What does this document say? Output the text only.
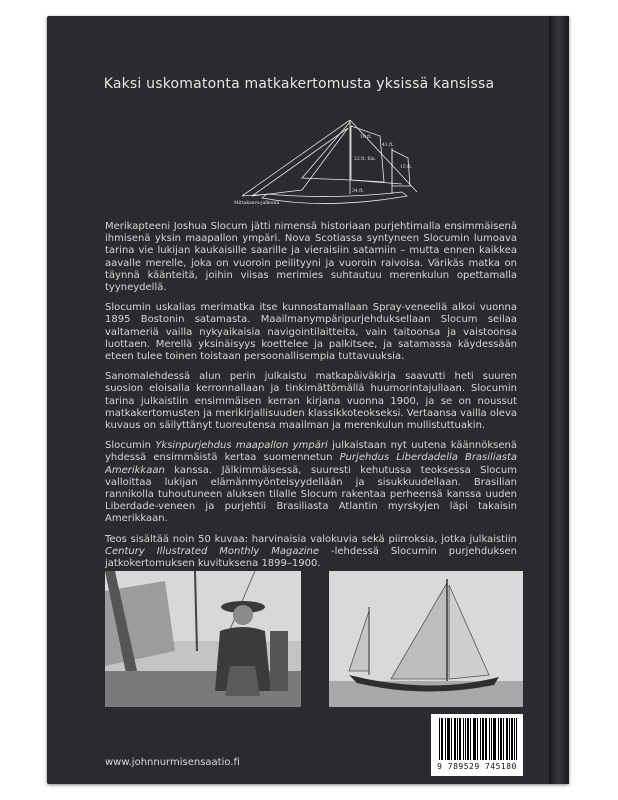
Kaksi uskomatonta matkakertomusta yksissä kansissa
19 ft.
22 ft. 6in.
41 ft.
15 ft.
34 ft.
Mittakaava-jalkoina

Merikapteeni Joshua Slocum jätti nimensä historiaan purjehtimalla ensimmäisenä ihmisenä yksin maapallon ympäri. Nova Scotiassa syntyneen Slocumin lumoava tarina vie lukijan kaukaisille saarille ja vieraisiin satamiin – mutta ennen kaikkea aavalle merelle, joka on vuoroin peilityyni ja vuoroin raivoisa. Värikäs matka on täynnä käänteitä, joihin viisas merimies suhtautuu merenkulun opettamalla tyyneydellä.

Slocumin uskalias merimatka itse kunnostamallaan Spray-veneellä alkoi vuonna 1895 Bostonin satamasta. Maailmanympäripurjehduksellaan Slocum seilaa valtameriä vailla nykyaikaisia navigointilaitteita, vain taitoonsa ja vaistoonsa luottaen. Merellä yksinäisyys koettelee ja palkitsee, ja satamassa käydessään eteen tulee toinen toistaan persoonallisempia tuttavuuksia.

Sanomalehdessä alun perin julkaistu matkapäiväkirja saavutti heti suuren suosion eloisalla kerronnallaan ja tinkimättömällä huumorintajullaan. Slocumin tarina julkaistiin ensimmäisen kerran kirjana vuonna 1900, ja se on noussut matkakertomusten ja merikirjallisuuden klassikkoteokseksi. Vertaansa vailla oleva kuvaus on säilyttänyt tuoreutensa maailman ja merenkulun mullistuttuakin.

Slocumin Yksinpurjehdus maapallon ympäri julkaistaan nyt uutena käännöksenä yhdessä ensimmäistä kertaa suomennetun Purjehdus Liberdadella Brasiliasta Amerikkaan kanssa. Jälkimmäisessä, suuresti kehutussa teoksessa Slocum valloittaa lukijan elämänmyönteisyydellään ja sisukkuudellaan. Brasilian rannikolla tuhoutuneen aluksen tilalle Slocum rakentaa perheensä kanssa uuden Liberdade-veneen ja purjehtii Brasiliasta Atlantin myrskyjen läpi takaisin Amerikkaan.

Teos sisältää noin 50 kuvaa: harvinaisia valokuvia sekä piirroksia, jotka julkaistiin Century Illustrated Monthly Magazine -lehdessä Slocumin purjehduksen jatkokertomuksen kuvituksena 1899–1900.

www.johnnurmisensaatio.fi	9 789529 745180
